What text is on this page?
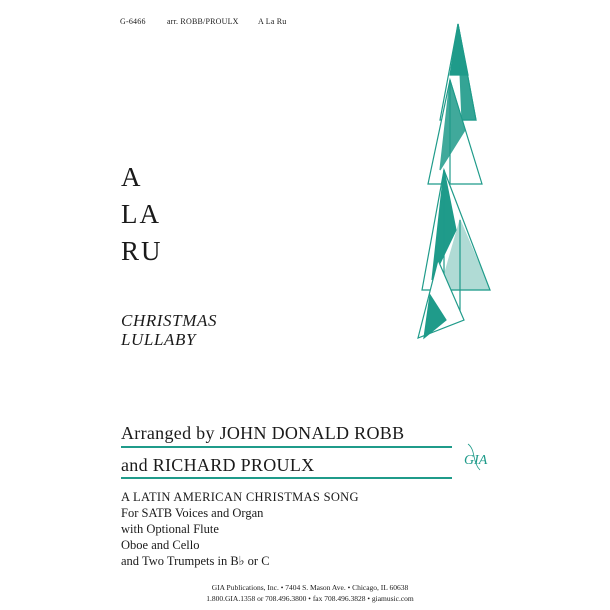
G-6466	arr. ROBB/PROULX A La Ru
A
LA
RU
CHRISTMAS
LULLABY
Arranged by JOHN DONALD ROBB
and RICHARD PROULX	GIA
A LATIN AMERICAN CHRISTMAS SONG
For SATB Voices and Organ
with Optional Flute
Oboe and Cello
and Two Trumpets in B♭ or C
GIA Publications, Inc. • 7404 S. Mason Ave. • Chicago, IL 60638
1.800.GIA.1358 or 708.496.3800 • fax 708.496.3828 • giamusic.com
